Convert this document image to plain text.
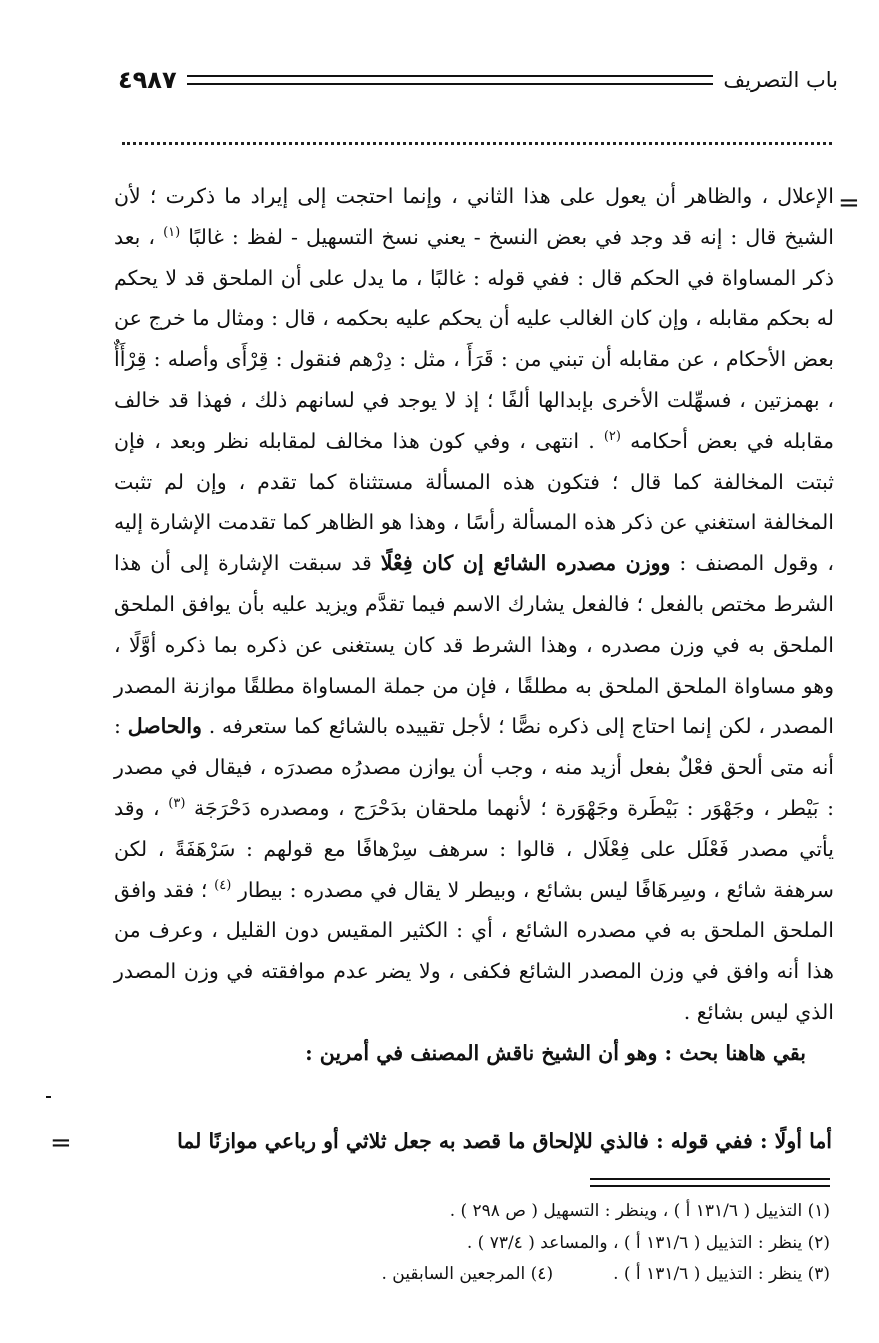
باب التصريف
٤٩٨٧
=

الإعلال ، والظاهر أن يعول على هذا الثاني ، وإنما احتجت إلى إيراد ما ذكرت ؛ لأن الشيخ قال : إنه قد وجد في بعض النسخ - يعني نسخ التسهيل - لفظ : غالبًا $^{(١)}$ ، بعد ذكر المساواة في الحكم قال : ففي قوله : غالبًا ، ما يدل على أن الملحق قد لا يحكم له بحكم مقابله ، وإن كان الغالب عليه أن يحكم عليه بحكمه ، قال : ومثال ما خرج عن بعض الأحكام ، عن مقابله أن تبني من : قَرَأَ ، مثل : دِرْهم فنقول : قِرْأَى وأصله : قِرْأَأٌ ، بهمزتين ، فسهِّلت الأخرى بإبدالها ألفًا ؛ إذ لا يوجد في لسانهم ذلك ، فهذا قد خالف مقابله في بعض أحكامه $^{(٢)}$ . انتهى ، وفي كون هذا مخالف لمقابله نظر وبعد ، فإن ثبتت المخالفة كما قال ؛ فتكون هذه المسألة مستثناة كما تقدم ، وإن لم تثبت المخالفة استغني عن ذكر هذه المسألة رأسًا ، وهذا هو الظاهر كما تقدمت الإشارة إليه ، وقول المصنف : ووزن مصدره الشائع إن كان فِعْلًا قد سبقت الإشارة إلى أن هذا الشرط مختص بالفعل ؛ فالفعل يشارك الاسم فيما تقدَّم ويزيد عليه بأن يوافق الملحق الملحق به في وزن مصدره ، وهذا الشرط قد كان يستغنى عن ذكره بما ذكره أوَّلًا ، وهو مساواة الملحق الملحق به مطلقًا ، فإن من جملة المساواة مطلقًا موازنة المصدر المصدر ، لكن إنما احتاج إلى ذكره نصًّا ؛ لأجل تقييده بالشائع كما ستعرفه . والحاصل : أنه متى ألحق فعْلٌ بفعل أزيد منه ، وجب أن يوازن مصدرُه مصدرَه ، فيقال في مصدر : بَيْطر ، وجَهْوَر : بَيْطَرة وجَهْوَرة ؛ لأنهما ملحقان بدَحْرَج ، ومصدره دَحْرَجَة $^{(٣)}$ ، وقد يأتي مصدر فَعْلَل على فِعْلَال ، قالوا : سرهف سِرْهافًا مع قولهم : سَرْهَفَةً ، لكن سرهفة شائع ، وسِرهَافًا ليس بشائع ، وبيطر لا يقال في مصدره : بيطار $^{(٤)}$ ؛ فقد وافق الملحق الملحق به في مصدره الشائع ، أي : الكثير المقيس دون القليل ، وعرف من هذا أنه وافق في وزن المصدر الشائع فكفى ، ولا يضر عدم موافقته في وزن المصدر الذي ليس بشائع .

بقي هاهنا بحث : وهو أن الشيخ ناقش المصنف في أمرين :

أما أولًا : ففي قوله : فالذي للإلحاق ما قصد به جعل ثلاثي أو رباعي موازنًا لما
=
(١) التذييل ( ١٣١/٦ أ ) ، وينظر : التسهيل ( ص ٢٩٨ ) .
(٢) ينظر : التذييل ( ١٣١/٦ أ ) ، والمساعد ( ٧٣/٤ ) .
(٣) ينظر : التذييل ( ١٣١/٦ أ ) .
(٤) المرجعين السابقين .
